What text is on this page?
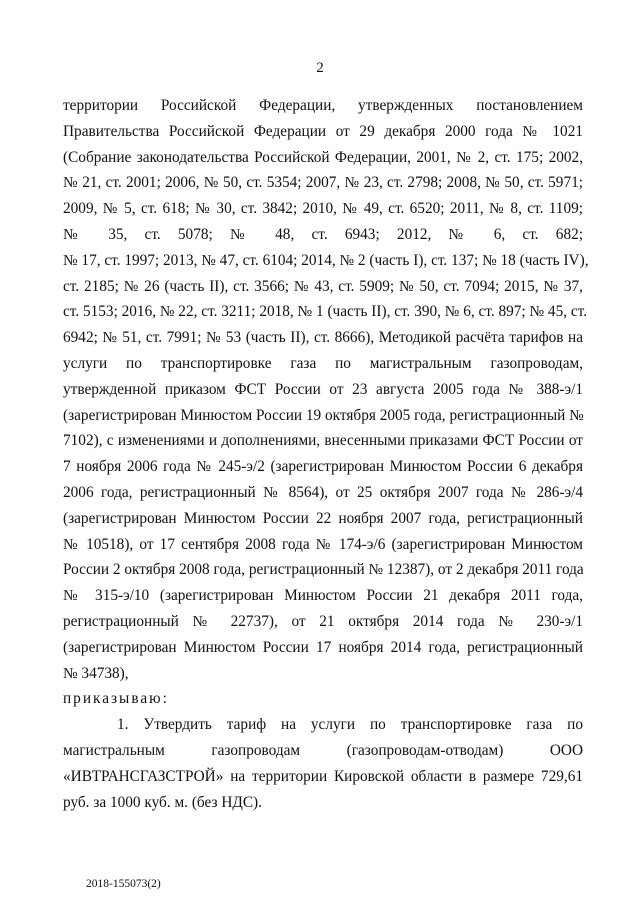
2
территории Российской Федерации, утвержденных постановлением
Правительства Российской Федерации от 29 декабря 2000 года № 1021
(Собрание законодательства Российской Федерации, 2001, № 2, ст. 175; 2002,
№ 21, ст. 2001; 2006, № 50, ст. 5354; 2007, № 23, ст. 2798; 2008, № 50, ст. 5971;
2009, № 5, ст. 618; № 30, ст. 3842; 2010, № 49, ст. 6520; 2011, № 8, ст. 1109;
№ 35, ст. 5078; № 48, ст. 6943; 2012, № 6, ст. 682;
№ 17, ст. 1997; 2013, № 47, ст. 6104; 2014, № 2 (часть I), ст. 137; № 18 (часть IV),
ст. 2185; № 26 (часть II), ст. 3566; № 43, ст. 5909; № 50, ст. 7094; 2015, № 37,
ст. 5153; 2016, № 22, ст. 3211; 2018, № 1 (часть II), ст. 390, № 6, ст. 897; № 45, ст.
6942; № 51, ст. 7991; № 53 (часть II), ст. 8666), Методикой расчёта тарифов на
услуги по транспортировке газа по магистральным газопроводам,
утвержденной приказом ФСТ России от 23 августа 2005 года № 388-э/1
(зарегистрирован Минюстом России 19 октября 2005 года, регистрационный №
7102), с изменениями и дополнениями, внесенными приказами ФСТ России от
7 ноября 2006 года № 245-э/2 (зарегистрирован Минюстом России 6 декабря
2006 года, регистрационный № 8564), от 25 октября 2007 года № 286-э/4
(зарегистрирован Минюстом России 22 ноября 2007 года, регистрационный
№ 10518), от 17 сентября 2008 года № 174-э/6 (зарегистрирован Минюстом
России 2 октября 2008 года, регистрационный № 12387), от 2 декабря 2011 года
№ 315-э/10 (зарегистрирован Минюстом России 21 декабря 2011 года,
регистрационный № 22737), от 21 октября 2014 года № 230-э/1
(зарегистрирован Минюстом России 17 ноября 2014 года, регистрационный
№ 34738),
приказываю:
1. Утвердить тариф на услуги по транспортировке газа по
магистральным газопроводам (газопроводам-отводам) ООО
«ИВТРАНСГАЗСТРОЙ» на территории Кировской области в размере 729,61
руб. за 1000 куб. м. (без НДС).
2018-155073(2)
